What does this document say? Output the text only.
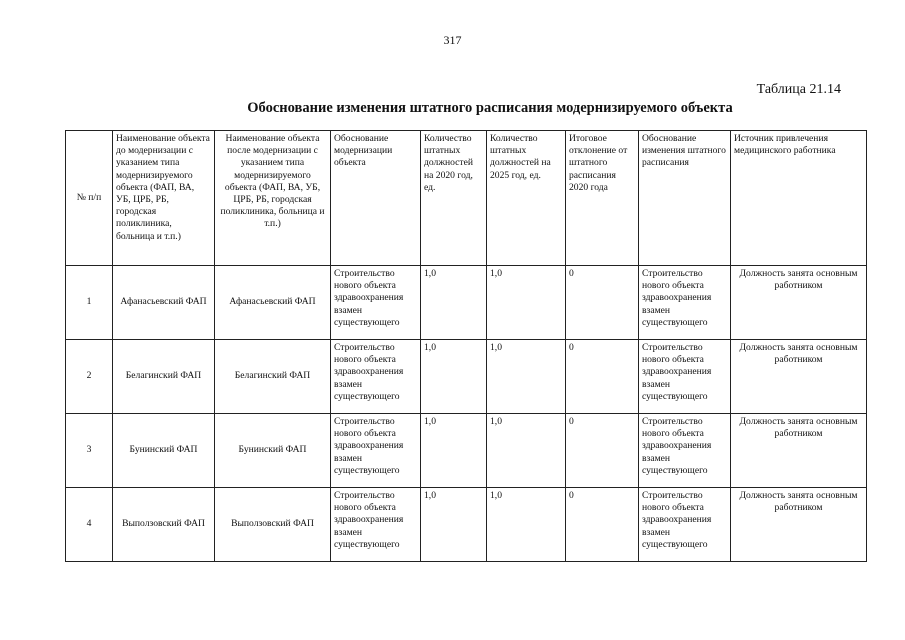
317
Таблица 21.14
Обоснование изменения штатного расписания модернизируемого объекта
№ п/п	Наименование объекта до модернизации с указанием типа модернизируемого объекта (ФАП, ВА, УБ, ЦРБ, РБ, городская поликлиника, больница и т.п.)	Наименование объекта после модернизации с указанием типа модернизируемого объекта (ФАП, ВА, УБ, ЦРБ, РБ, городская поликлиника, больница и т.п.)	Обоснование модернизации объекта	Количество штатных должностей на 2020 год, ед.	Количество штатных должностей на 2025 год, ед.	Итоговое отклонение от штатного расписания 2020 года	Обоснование изменения штатного расписания	Источник привлечения медицинского работника
1	Афанасьевский ФАП	Афанасьевский ФАП	Строительство нового объекта здравоохранения взамен существующего	1,0	1,0	0	Строительство нового объекта здравоохранения взамен существующего	Должность занята основным работником
2	Белагинский ФАП	Белагинский ФАП	Строительство нового объекта здравоохранения взамен существующего	1,0	1,0	0	Строительство нового объекта здравоохранения взамен существующего	Должность занята основным работником
3	Бунинский ФАП	Бунинский ФАП	Строительство нового объекта здравоохранения взамен существующего	1,0	1,0	0	Строительство нового объекта здравоохранения взамен существующего	Должность занята основным работником
4	Выползовский ФАП	Выползовский ФАП	Строительство нового объекта здравоохранения взамен существующего	1,0	1,0	0	Строительство нового объекта здравоохранения взамен существующего	Должность занята основным работником
